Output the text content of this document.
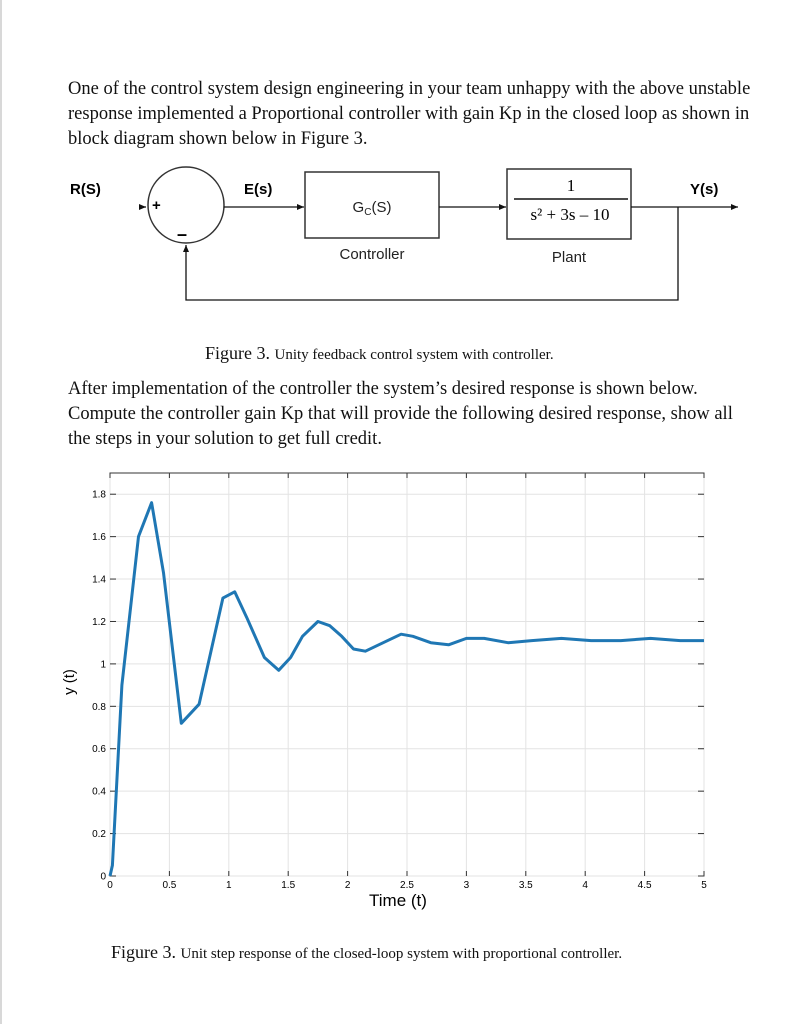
One of the control system design engineering in your team unhappy with the above unstable response implemented a Proportional controller with gain Kp in the closed loop as shown in block diagram shown below in Figure 3.

R(S)	Y(s)
E(s)
+
–
$G_C(S)$
Controller
1
s² + 3s – 10
Plant
Figure 3. Unity feedback control system with controller.

After implementation of the controller the system’s desired response is shown below. Compute the controller gain Kp that will provide the following desired response, show all the steps in your solution to get full credit.

0	0.5	1	1.5	2	2.5	3	3.5	4	4.5	5
0
0.2
0.4
0.6
0.8
1
1.2
1.4
1.6
1.8
Time (t)
y (t)
Figure 3. Unit step response of the closed-loop system with proportional controller.
